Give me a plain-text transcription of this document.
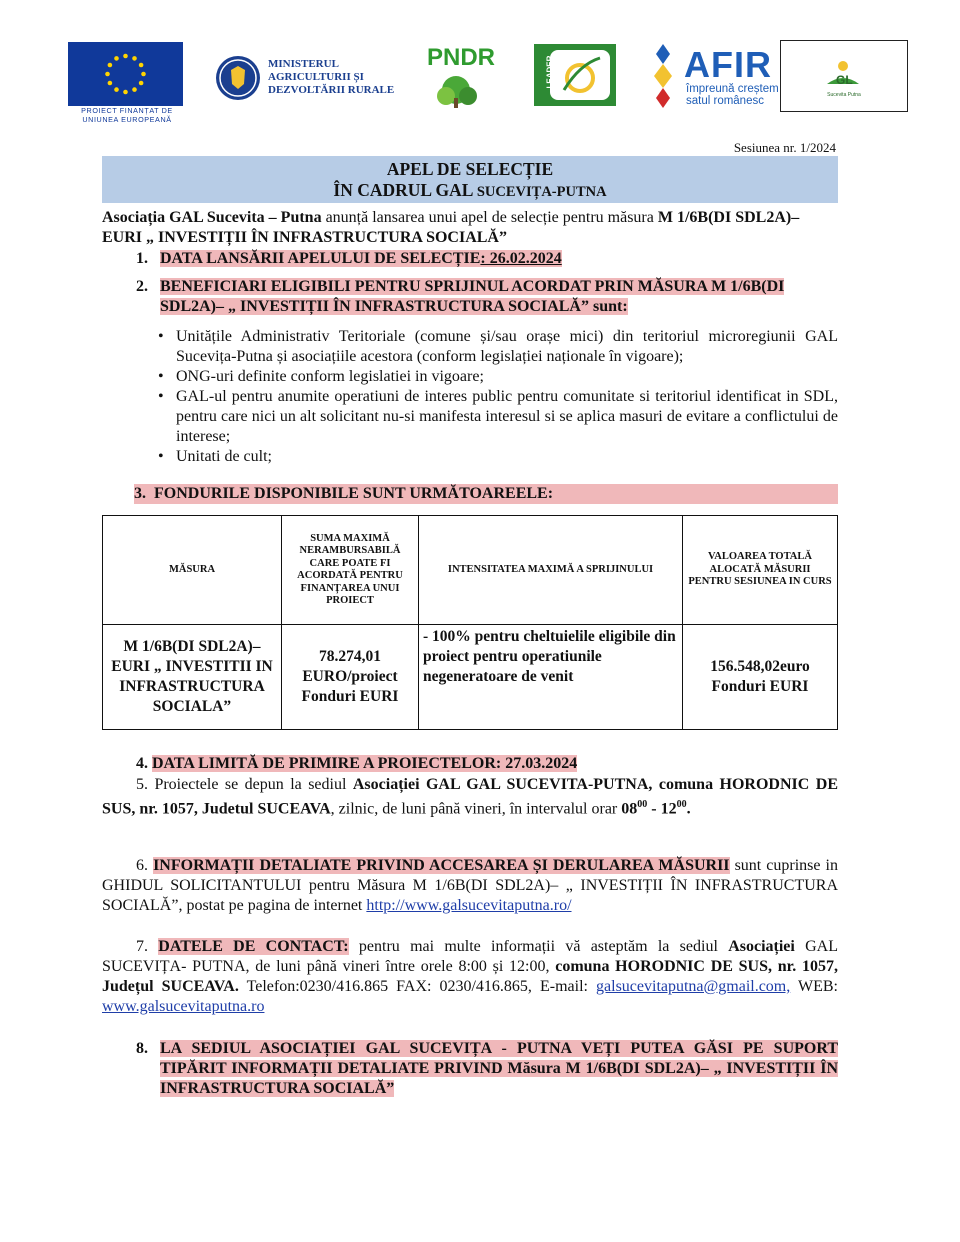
PROIECT FINANȚAT DE UNIUNEA EUROPEANĂ
MINISTERUL AGRICULTURII ȘI DEZVOLTĂRII RURALE
PNDR	LEADER	AFIR
împreună creștem
satul românesc
GL
Sucevita Putna
Sesiunea nr. 1/2024
APEL DE SELECȚIE
ÎN CADRUL GAL SUCEVIȚA-PUTNA
Asociația GAL Sucevita – Putna anunță lansarea unui apel de selecție pentru măsura M 1/6B(DI SDL2A)–EURI „ INVESTIȚII ÎN INFRASTRUCTURA SOCIALĂ”
1. DATA LANSĂRII APELULUI DE SELECȚIE: 26.02.2024
2. BENEFICIARI ELIGIBILI PENTRU SPRIJINUL ACORDAT PRIN MĂSURA M 1/6B(DI SDL2A)– „ INVESTIȚII ÎN INFRASTRUCTURA SOCIALĂ” sunt:
• Unitățile Administrativ Teritoriale (comune și/sau orașe mici) din teritoriul microregiunii GAL Sucevița-Putna și asociațiile acestora (conform legislației naționale în vigoare);
• ONG-uri definite conform legislatiei in vigoare;
• GAL-ul pentru anumite operatiuni de interes public pentru comunitate si teritoriul identificat in SDL, pentru care nici un alt solicitant nu-si manifesta interesul si se aplica masuri de evitare a conflictului de interese;
• Unitati de cult;
3. FONDURILE DISPONIBILE SUNT URMĂTOAREELE:
MĂSURA	SUMA MAXIMĂ NERAMBURSABILĂ CARE POATE FI ACORDATĂ PENTRU FINANȚAREA UNUI PROIECT	INTENSITATEA MAXIMĂ A SPRIJINULUI	VALOAREA TOTALĂ ALOCATĂ MĂSURII PENTRU SESIUNEA IN CURS
M 1/6B(DI SDL2A)– EURI „ INVESTITII IN INFRASTRUCTURA SOCIALA”	78.274,01 EURO/proiect Fonduri EURI	- 100% pentru cheltuielile eligibile din proiect pentru operatiunile negeneratoare de venit	156.548,02euro Fonduri EURI
4. DATA LIMITĂ DE PRIMIRE A PROIECTELOR: 27.03.2024
5. Proiectele se depun la sediul Asociației GAL GAL SUCEVITA-PUTNA, comuna HORODNIC DE SUS, nr. 1057, Judetul SUCEAVA, zilnic, de luni până vineri, în intervalul orar $08^{00} - 12^{00}$.
6. INFORMAȚII DETALIATE PRIVIND ACCESAREA ȘI DERULAREA MĂSURII sunt cuprinse in GHIDUL SOLICITANTULUI pentru Măsura M 1/6B(DI SDL2A)– „ INVESTIȚII ÎN INFRASTRUCTURA SOCIALĂ”, postat pe pagina de internet http://www.galsucevitaputna.ro/
7. DATELE DE CONTACT: pentru mai multe informații vă asteptăm la sediul Asociației GAL SUCEVIȚA- PUTNA, de luni până vineri între orele 8:00 și 12:00, comuna HORODNIC DE SUS, nr. 1057, Județul SUCEAVA. Telefon:0230/416.865 FAX: 0230/416.865, E-mail: galsucevitaputna@gmail.com, WEB: www.galsucevitaputna.ro
8. LA SEDIUL ASOCIAȚIEI GAL SUCEVIȚA - PUTNA VEȚI PUTEA GĂSI PE SUPORT TIPĂRIT INFORMAȚII DETALIATE PRIVIND Măsura M 1/6B(DI SDL2A)– „ INVESTIȚII ÎN INFRASTRUCTURA SOCIALĂ”
